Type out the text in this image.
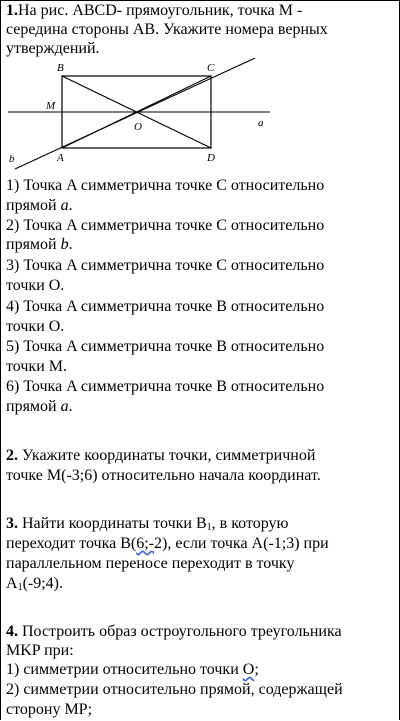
1.На рис. ABCD- прямоугольник, точка M -
середина стороны AB. Укажите номера верных
утверждений.
B	C
M
O
A	D
a
b
1) Точка A симметрична точке C относительно
прямой a.
2) Точка A симметрична точке C относительно
прямой b.
3) Точка A симметрична точке C относительно
точки O.
4) Точка A симметрична точке B относительно
точки O.
5) Точка A симметрична точке B относительно
точки M.
6) Точка A симметрична точке B относительно
прямой a.
2. Укажите координаты точки, симметричной
точке M(-3;6) относительно начала координат.
3. Найти координаты точки $B_1$, в которую
переходит точка B(6;-2), если точка A(-1;3) при
параллельном переносе переходит в точку
$A_1(-9;4)$.
4. Построить образ остроугольного треугольника
MKP при:
1) симметрии относительно точки O;
2) симметрии относительно прямой, содержащей
сторону MP;
